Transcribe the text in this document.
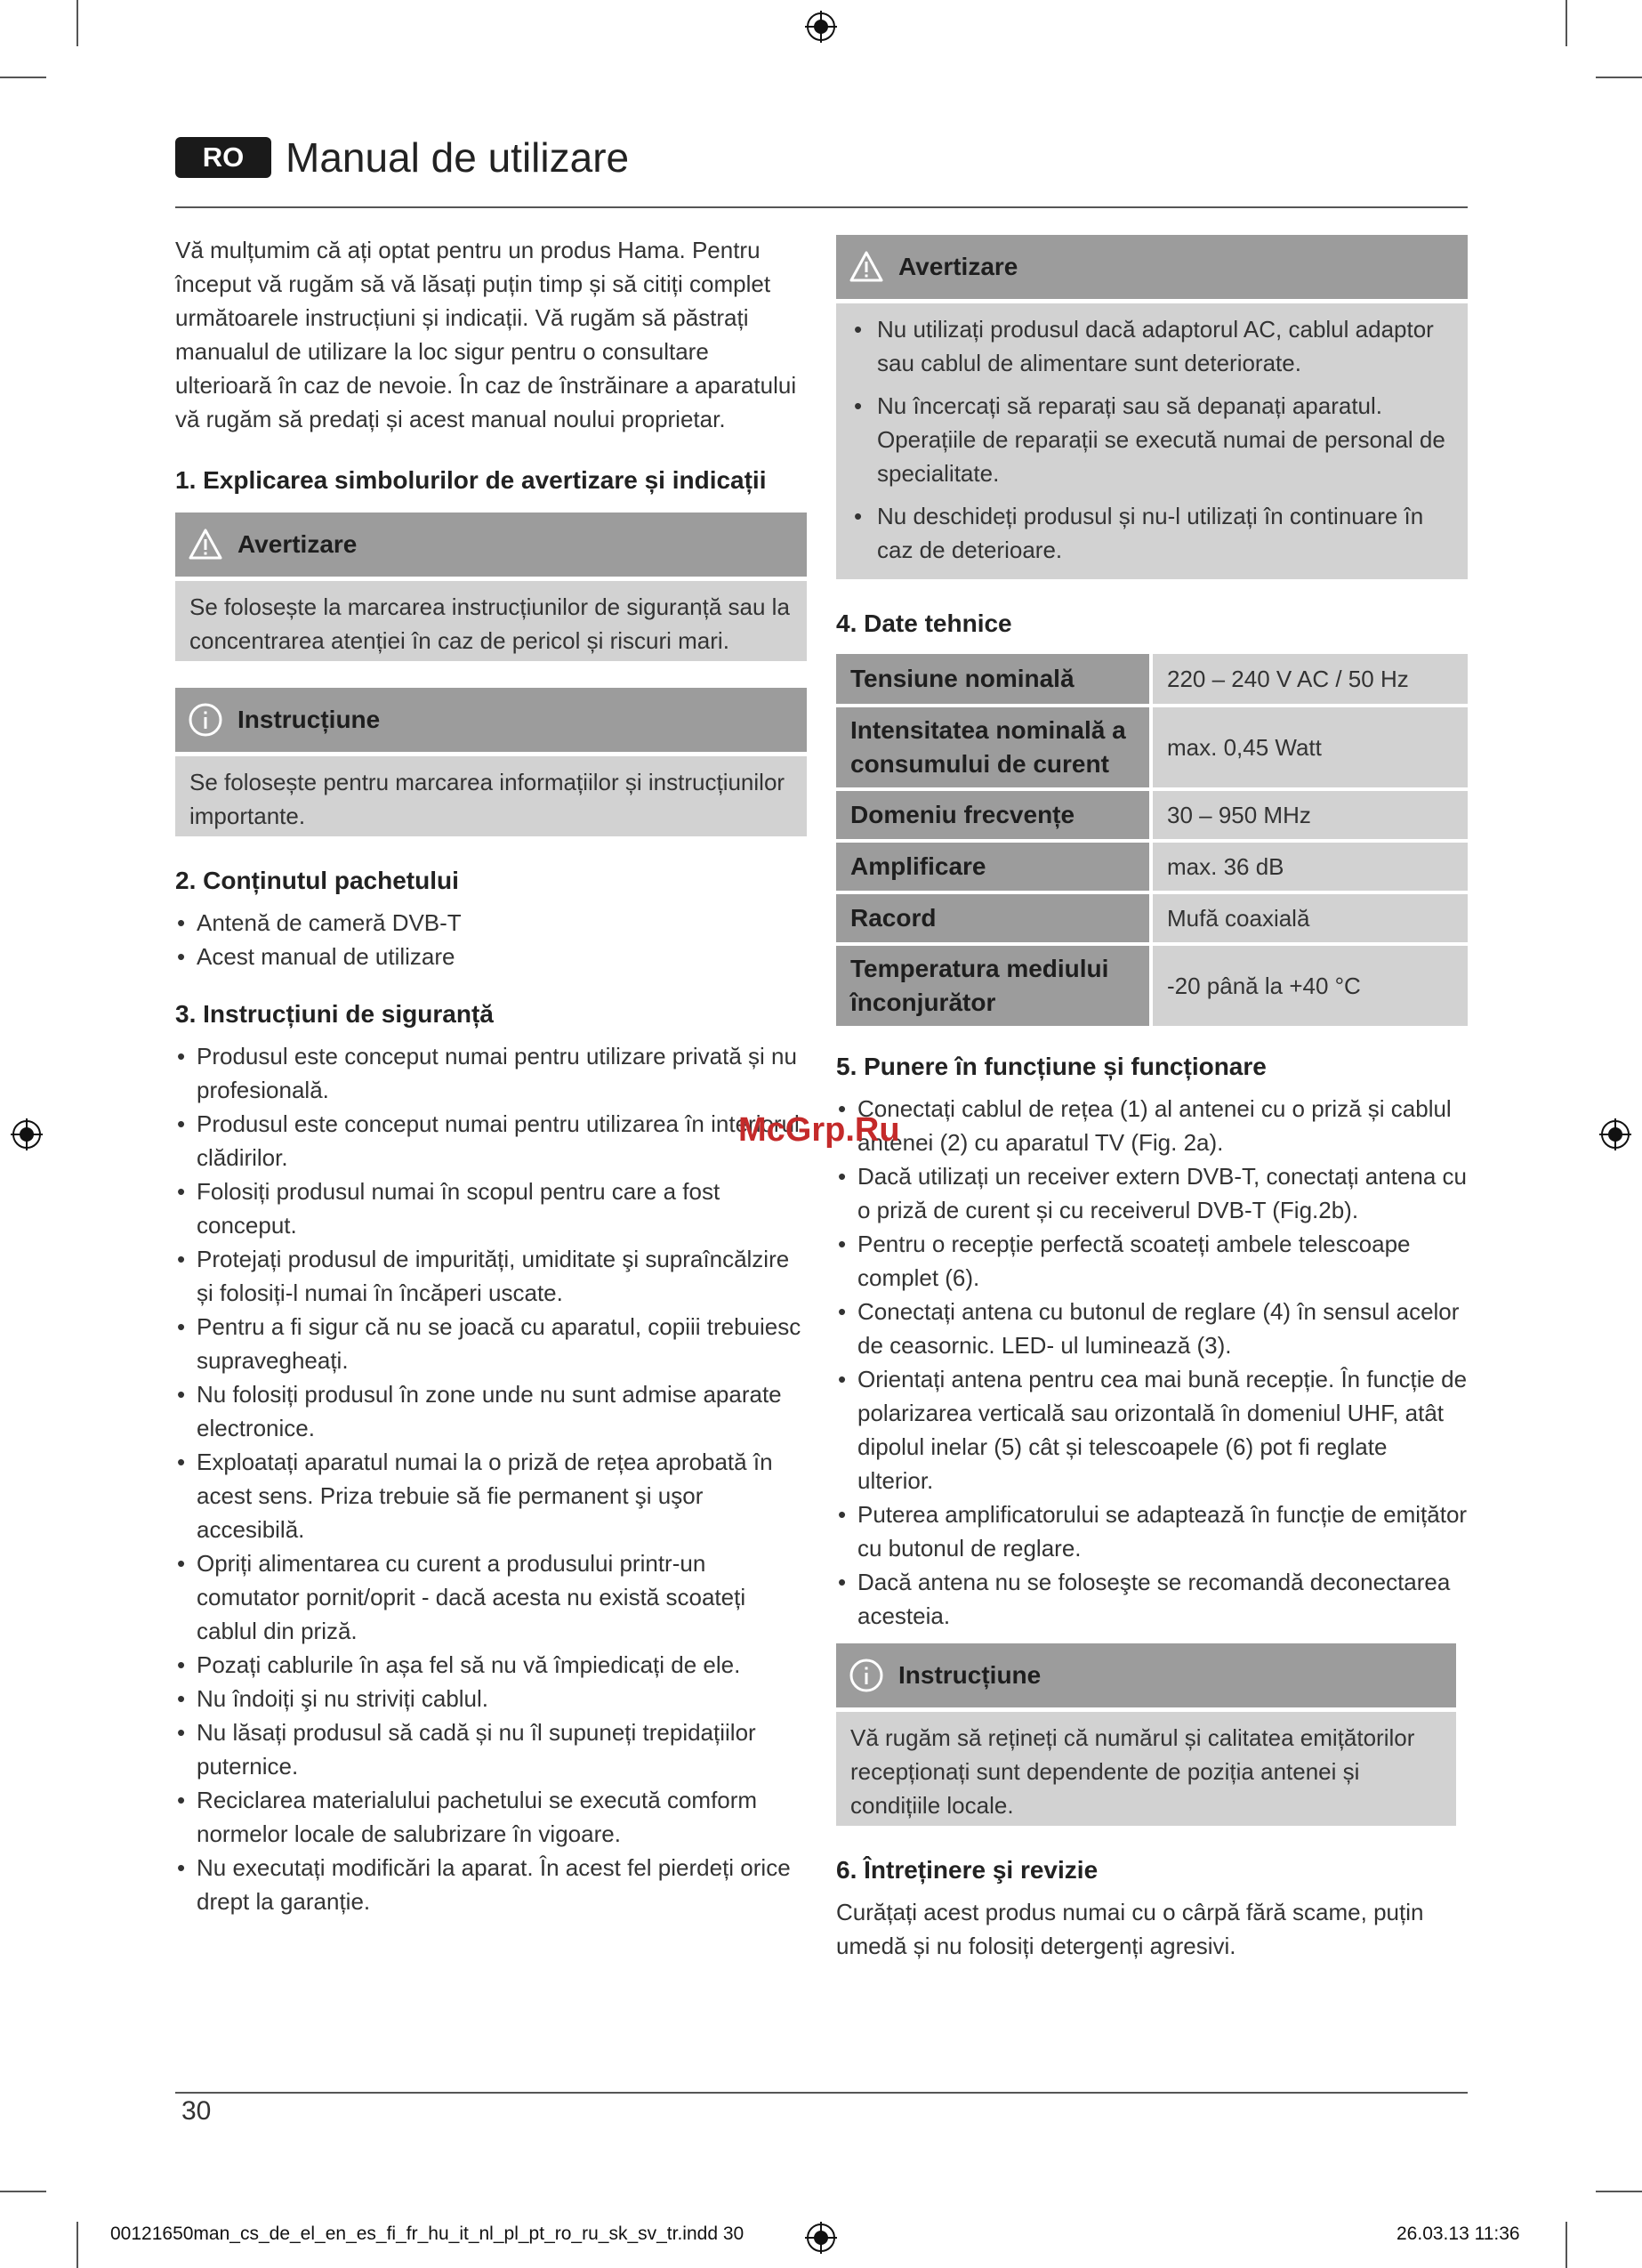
RO	Manual de utilizare

Vă mulțumim că ați optat pentru un produs Hama. Pentru început vă rugăm să vă lăsați puțin timp și să citiți complet următoarele instrucțiuni și indicații. Vă rugăm să păstrați manualul de utilizare la loc sigur pentru o consultare ulterioară în caz de nevoie. În caz de înstrăinare a aparatului vă rugăm să predați și acest manual noului proprietar.

1. Explicarea simbolurilor de avertizare și indicații
Avertizare

Se folosește la marcarea instrucțiunilor de siguranță sau la concentrarea atenției în caz de pericol și riscuri mari.

Instrucțiune

Se folosește pentru marcarea informațiilor și instrucțiunilor importante.

2. Conținutul pachetului
• Antenă de cameră DVB-T
• Acest manual de utilizare
3. Instrucțiuni de siguranță
• Produsul este conceput numai pentru utilizare privată și nu profesională.
• Produsul este conceput numai pentru utilizarea în interiorul clădirilor.
• Folosiți produsul numai în scopul pentru care a fost conceput.
• Protejați produsul de impurități, umiditate şi supraîncălzire și folosiți-l numai în încăperi uscate.
• Pentru a fi sigur că nu se joacă cu aparatul, copiii trebuiesc supravegheați.
• Nu folosiți produsul în zone unde nu sunt admise aparate electronice.
• Exploatați aparatul numai la o priză de rețea aprobată în acest sens. Priza trebuie să fie permanent şi uşor accesibilă.
• Opriți alimentarea cu curent a produsului printr-un comutator pornit/oprit - dacă acesta nu există scoateți cablul din priză.
• Pozați cablurile în așa fel să nu vă împiedicați de ele.
• Nu îndoiți şi nu striviți cablul.
• Nu lăsați produsul să cadă și nu îl supuneți trepidațiilor puternice.
• Reciclarea materialului pachetului se execută comform normelor locale de salubrizare în vigoare.
• Nu executați modificări la aparat. În acest fel pierdeți orice drept la garanție.
Avertizare
• Nu utilizați produsul dacă adaptorul AC, cablul adaptor sau cablul de alimentare sunt deteriorate.
• Nu încercați să reparați sau să depanați aparatul. Operațiile de reparații se execută numai de personal de specialitate.
• Nu deschideți produsul și nu-l utilizați în continuare în caz de deterioare.
4. Date tehnice
Tensiune nominală	220 – 240 V AC / 50 Hz
Intensitatea nominală a consumului de curent	max. 0,45 Watt
Domeniu frecvențe	30 – 950 MHz
Amplificare	max. 36 dB
Racord	Mufă coaxială
Temperatura mediului înconjurător	-20 până la +40 °C
5. Punere în funcțiune și funcționare
• Conectați cablul de rețea (1) al antenei cu o priză și cablul antenei (2) cu aparatul TV (Fig. 2a).
• Dacă utilizați un receiver extern DVB-T, conectați antena cu o priză de curent și cu receiverul DVB-T (Fig.2b).
• Pentru o recepție perfectă scoateți ambele telescoape complet (6).
• Conectați antena cu butonul de reglare (4) în sensul acelor de ceasornic. LED- ul luminează (3).
• Orientați antena pentru cea mai bună recepție. În funcție de polarizarea verticală sau orizontală în domeniul UHF, atât dipolul inelar (5) cât și telescoapele (6) pot fi reglate ulterior.
• Puterea amplificatorului se adaptează în funcție de emițător cu butonul de reglare.
• Dacă antena nu se foloseşte se recomandă deconectarea acesteia.
Instrucțiune

Vă rugăm să rețineți că numărul și calitatea emițătorilor recepționați sunt dependente de poziția antenei și condițiile locale.

6. Întreținere şi revizie

Curățați acest produs numai cu o cârpă fără scame, puțin umedă și nu folosiți detergenți agresivi.

30
00121650man_cs_de_el_en_es_fi_fr_hu_it_nl_pl_pt_ro_ru_sk_sv_tr.indd 30	26.03.13 11:36
McGrp.Ru
